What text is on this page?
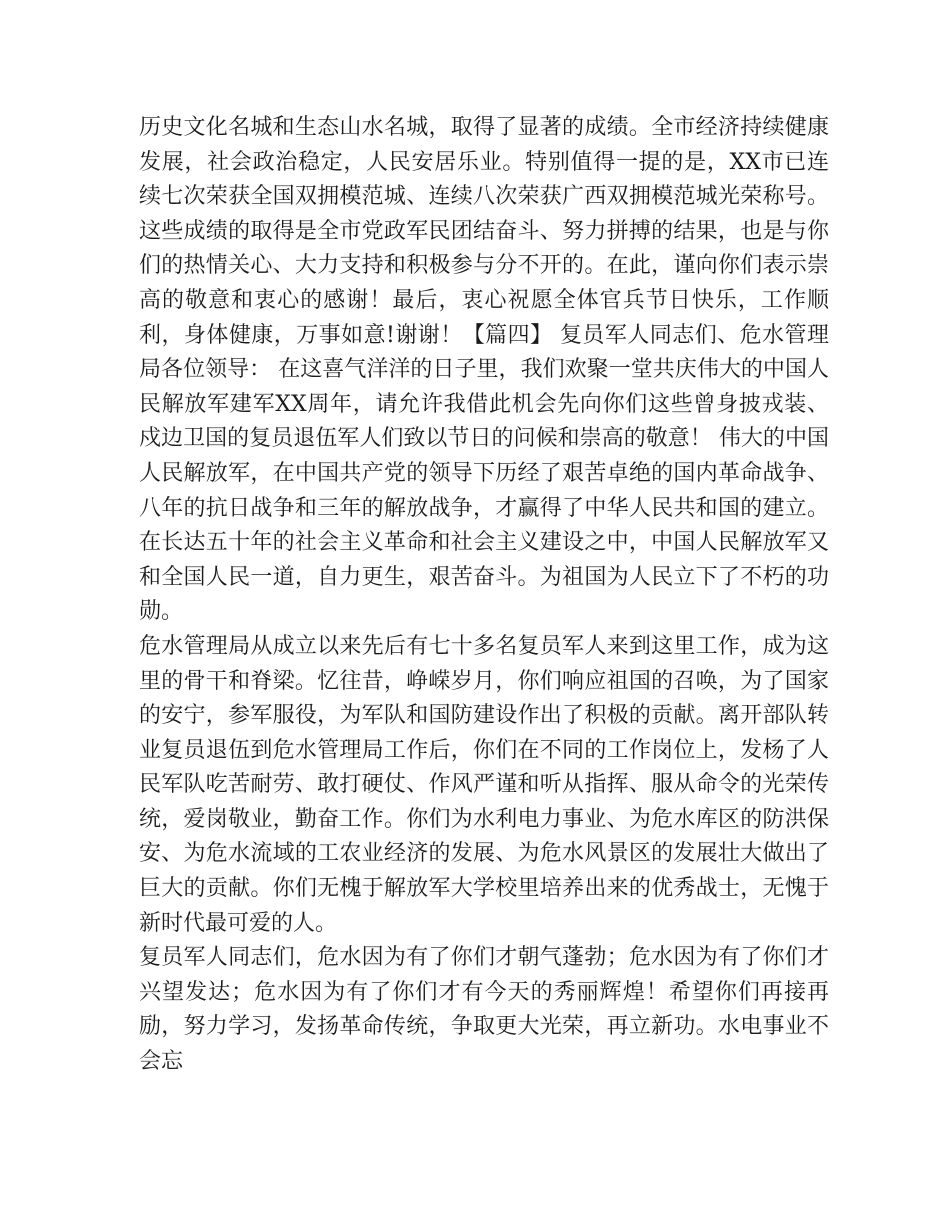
历史文化名城和生态山水名城，取得了显著的成绩。全市经济持续健康发展，社会政治稳定，人民安居乐业。特别值得一提的是，XX市已连续七次荣获全国双拥模范城、连续八次荣获广西双拥模范城光荣称号。这些成绩的取得是全市党政军民团结奋斗、努力拼搏的结果，也是与你们的热情关心、大力支持和积极参与分不开的。在此，谨向你们表示崇高的敬意和衷心的感谢！最后，衷心祝愿全体官兵节日快乐，工作顺利，身体健康，万事如意!谢谢！【篇四】 复员军人同志们、危水管理局各位领导： 在这喜气洋洋的日子里，我们欢聚一堂共庆伟大的中国人民解放军建军XX周年，请允许我借此机会先向你们这些曾身披戎装、戍边卫国的复员退伍军人们致以节日的问候和崇高的敬意！ 伟大的中国人民解放军，在中国共产党的领导下历经了艰苦卓绝的国内革命战争、八年的抗日战争和三年的解放战争，才赢得了中华人民共和国的建立。在长达五十年的社会主义革命和社会主义建设之中，中国人民解放军又和全国人民一道，自力更生，艰苦奋斗。为祖国为人民立下了不朽的功勋。

危水管理局从成立以来先后有七十多名复员军人来到这里工作，成为这里的骨干和脊梁。忆往昔，峥嵘岁月，你们响应祖国的召唤，为了国家的安宁，参军服役，为军队和国防建设作出了积极的贡献。离开部队转业复员退伍到危水管理局工作后，你们在不同的工作岗位上，发杨了人民军队吃苦耐劳、敢打硬仗、作风严谨和听从指挥、服从命令的光荣传统，爱岗敬业，勤奋工作。你们为水利电力事业、为危水库区的防洪保安、为危水流域的工农业经济的发展、为危水风景区的发展壮大做出了巨大的贡献。你们无槐于解放军大学校里培养出来的优秀战士，无愧于新时代最可爱的人。

复员军人同志们，危水因为有了你们才朝气蓬勃；危水因为有了你们才兴望发达；危水因为有了你们才有今天的秀丽辉煌！希望你们再接再励，努力学习，发扬革命传统，争取更大光荣，再立新功。水电事业不会忘
